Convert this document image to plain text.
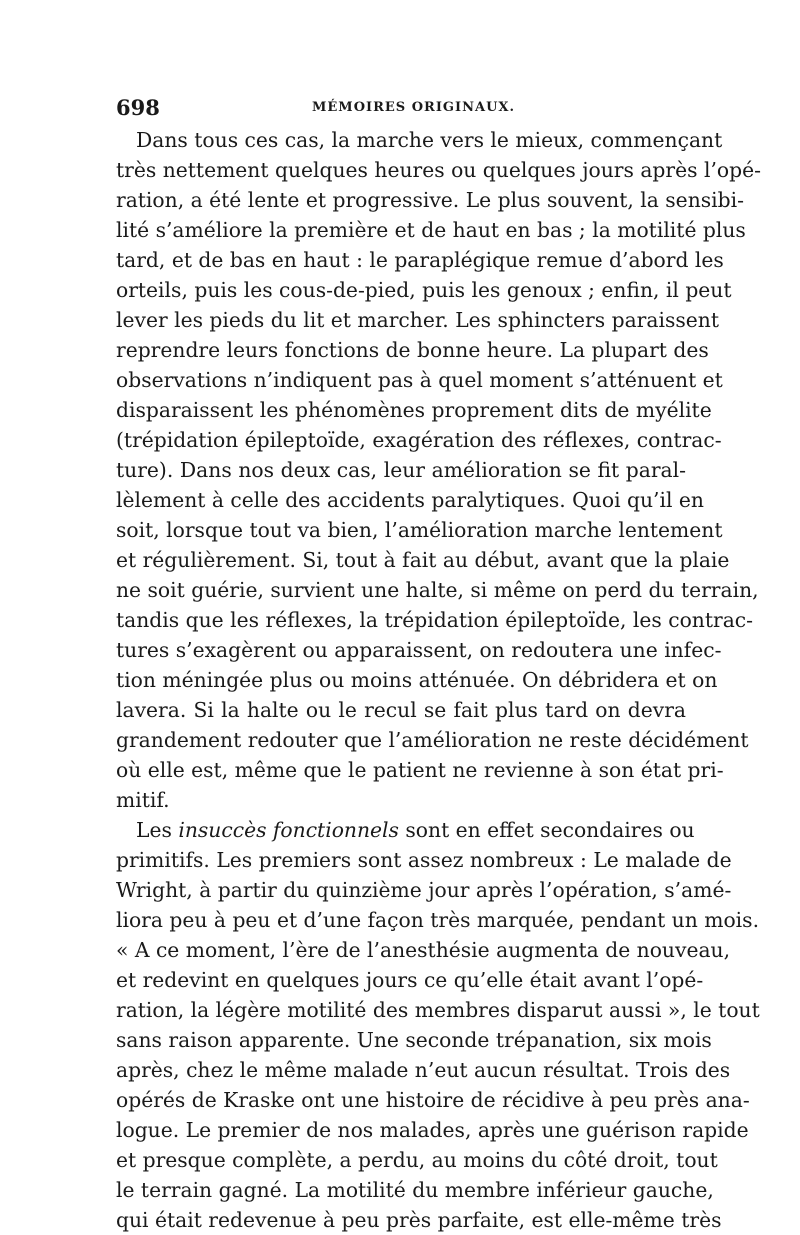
698	MÉMOIRES ORIGINAUX.
Dans tous ces cas, la marche vers le mieux, commençant
très nettement quelques heures ou quelques jours après l’opé-
ration, a été lente et progressive. Le plus souvent, la sensibi-
lité s’améliore la première et de haut en bas ; la motilité plus
tard, et de bas en haut : le paraplégique remue d’abord les
orteils, puis les cous-de-pied, puis les genoux ; enfin, il peut
lever les pieds du lit et marcher. Les sphincters paraissent
reprendre leurs fonctions de bonne heure. La plupart des
observations n’indiquent pas à quel moment s’atténuent et
disparaissent les phénomènes proprement dits de myélite
(trépidation épileptoïde, exagération des réflexes, contrac-
ture). Dans nos deux cas, leur amélioration se fit paral-
lèlement à celle des accidents paralytiques. Quoi qu’il en
soit, lorsque tout va bien, l’amélioration marche lentement
et régulièrement. Si, tout à fait au début, avant que la plaie
ne soit guérie, survient une halte, si même on perd du terrain,
tandis que les réflexes, la trépidation épileptoïde, les contrac-
tures s’exagèrent ou apparaissent, on redoutera une infec-
tion méningée plus ou moins atténuée. On débridera et on
lavera. Si la halte ou le recul se fait plus tard on devra
grandement redouter que l’amélioration ne reste décidément
où elle est, même que le patient ne revienne à son état pri-
mitif.
Les insuccès fonctionnels sont en effet secondaires ou
primitifs. Les premiers sont assez nombreux : Le malade de
Wright, à partir du quinzième jour après l’opération, s’amé-
liora peu à peu et d’une façon très marquée, pendant un mois.
« A ce moment, l’ère de l’anesthésie augmenta de nouveau,
et redevint en quelques jours ce qu’elle était avant l’opé-
ration, la légère motilité des membres disparut aussi », le tout
sans raison apparente. Une seconde trépanation, six mois
après, chez le même malade n’eut aucun résultat. Trois des
opérés de Kraske ont une histoire de récidive à peu près ana-
logue. Le premier de nos malades, après une guérison rapide
et presque complète, a perdu, au moins du côté droit, tout
le terrain gagné. La motilité du membre inférieur gauche,
qui était redevenue à peu près parfaite, est elle-même très
